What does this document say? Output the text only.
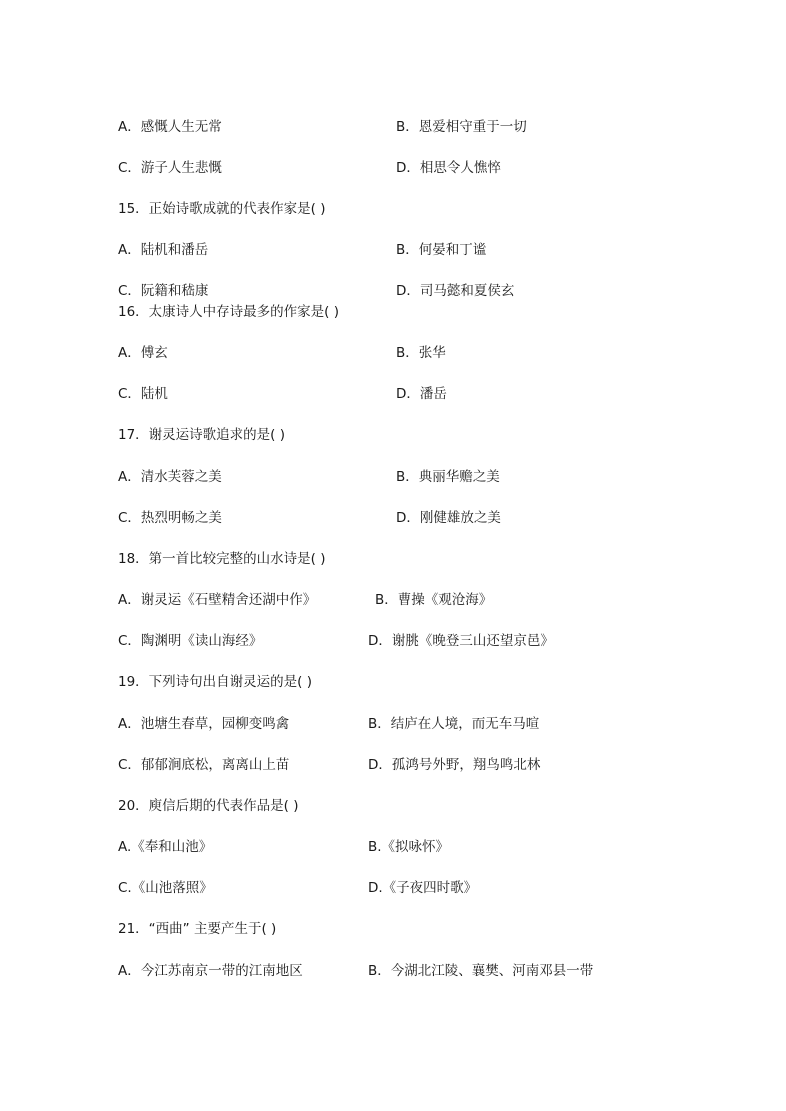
A．感慨人生无常	B．恩爱相守重于一切
C．游子人生悲慨	D．相思令人憔悴
15．正始诗歌成就的代表作家是( )
A．陆机和潘岳	B．何晏和丁谧
C．阮籍和嵇康	D．司马懿和夏侯玄
16．太康诗人中存诗最多的作家是( )
A．傅玄	B．张华
C．陆机	D．潘岳
17．谢灵运诗歌追求的是( )
A．清水芙蓉之美	B．典丽华赡之美
C．热烈明畅之美	D．刚健雄放之美
18．第一首比较完整的山水诗是( )
A．谢灵运《石壁精舍还湖中作》	B．曹操《观沧海》
C．陶渊明《读山海经》	D．谢朓《晚登三山还望京邑》
19．下列诗句出自谢灵运的是( )
A．池塘生春草，园柳变鸣禽	B．结庐在人境，而无车马喧
C．郁郁涧底松，离离山上苗	D．孤鸿号外野，翔鸟鸣北林
20．庾信后期的代表作品是( )
A.《奉和山池》	B.《拟咏怀》
C.《山池落照》	D.《子夜四时歌》
21．“西曲” 主要产生于( )
A．今江苏南京一带的江南地区	B．今湖北江陵、襄樊、河南邓县一带
